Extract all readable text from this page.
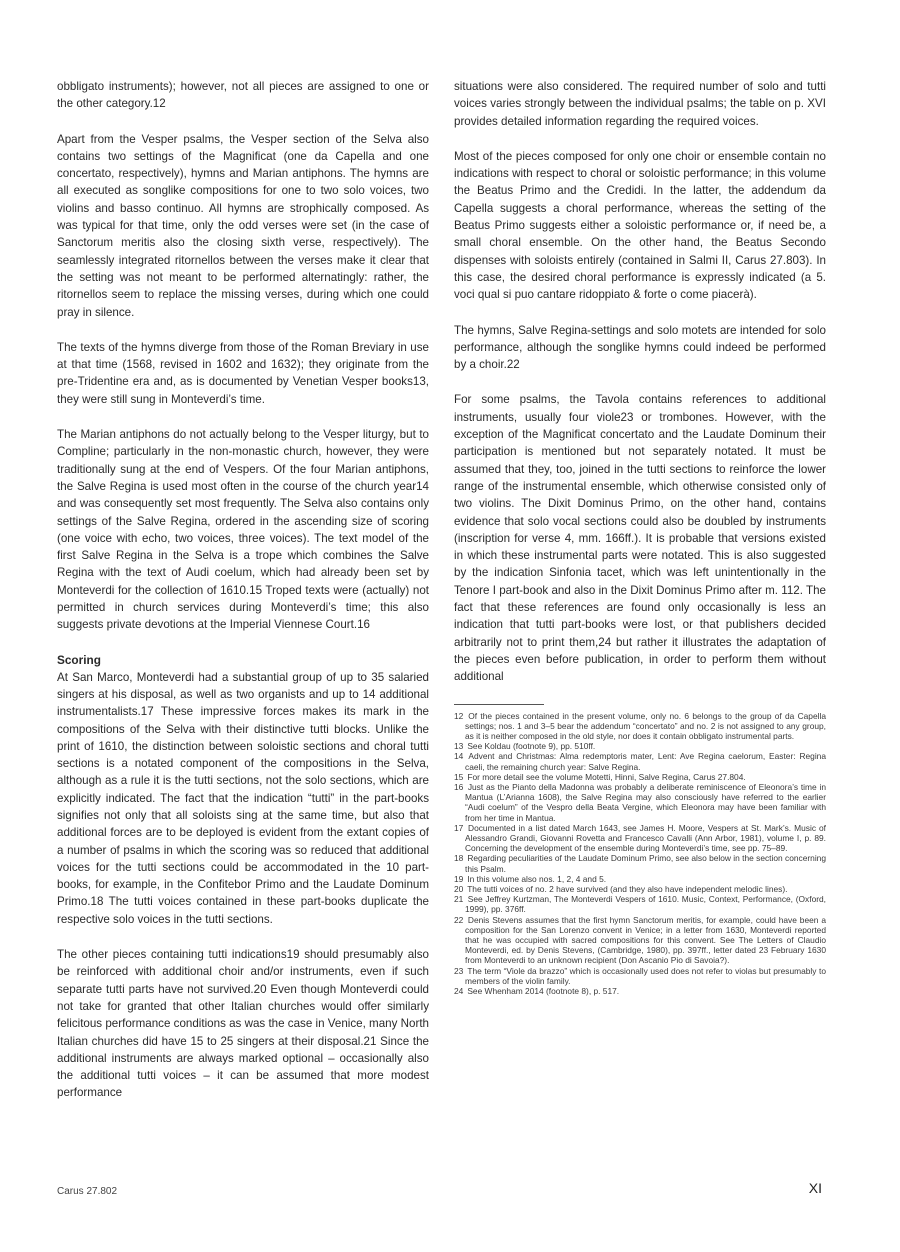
obbligato instruments); however, not all pieces are assigned to one or the other category.12

Apart from the Vesper psalms, the Vesper section of the Selva also contains two settings of the Magnificat (one da Capella and one concertato, respectively), hymns and Marian antiphons. The hymns are all executed as songlike compositions for one to two solo voices, two violins and basso continuo. All hymns are strophically composed. As was typical for that time, only the odd verses were set (in the case of Sanctorum meritis also the closing sixth verse, respectively). The seamlessly integrated ritornellos between the verses make it clear that the setting was not meant to be performed alternatingly: rather, the ritornellos seem to replace the missing verses, during which one could pray in silence.

The texts of the hymns diverge from those of the Roman Breviary in use at that time (1568, revised in 1602 and 1632); they originate from the pre-Tridentine era and, as is documented by Venetian Vesper books13, they were still sung in Monteverdi’s time.

The Marian antiphons do not actually belong to the Vesper liturgy, but to Compline; particularly in the non-monastic church, however, they were traditionally sung at the end of Vespers. Of the four Marian antiphons, the Salve Regina is used most often in the course of the church year14 and was consequently set most frequently. The Selva also contains only settings of the Salve Regina, ordered in the ascending size of scoring (one voice with echo, two voices, three voices). The text model of the first Salve Regina in the Selva is a trope which combines the Salve Regina with the text of Audi coelum, which had already been set by Monteverdi for the collection of 1610.15 Troped texts were (actually) not permitted in church services during Monteverdi’s time; this also suggests private devotions at the Imperial Viennese Court.16

Scoring

At San Marco, Monteverdi had a substantial group of up to 35 salaried singers at his disposal, as well as two organists and up to 14 additional instrumentalists.17 These impressive forces makes its mark in the compositions of the Selva with their distinctive tutti blocks. Unlike the print of 1610, the distinction between soloistic sections and choral tutti sections is a notated component of the compositions in the Selva, although as a rule it is the tutti sections, not the solo sections, which are explicitly indicated. The fact that the indication “tutti” in the part-books signifies not only that all soloists sing at the same time, but also that additional forces are to be deployed is evident from the extant copies of a number of psalms in which the scoring was so reduced that additional voices for the tutti sections could be accommodated in the 10 part-books, for example, in the Confitebor Primo and the Laudate Dominum Primo.18 The tutti voices contained in these part-books duplicate the respective solo voices in the tutti sections.

The other pieces containing tutti indications19 should presumably also be reinforced with additional choir and/or instruments, even if such separate tutti parts have not survived.20 Even though Monteverdi could not take for granted that other Italian churches would offer similarly felicitous performance conditions as was the case in Venice, many North Italian churches did have 15 to 25 singers at their disposal.21 Since the additional instruments are always marked optional – occasionally also the additional tutti voices – it can be assumed that more modest performance

situations were also considered. The required number of solo and tutti voices varies strongly between the individual psalms; the table on p. XVI provides detailed information regarding the required voices.

Most of the pieces composed for only one choir or ensemble contain no indications with respect to choral or soloistic performance; in this volume the Beatus Primo and the Credidi. In the latter, the addendum da Capella suggests a choral performance, whereas the setting of the Beatus Primo suggests either a soloistic performance or, if need be, a small choral ensemble. On the other hand, the Beatus Secondo dispenses with soloists entirely (contained in Salmi II, Carus 27.803). In this case, the desired choral performance is expressly indicated (a 5. voci qual si puo cantare ridoppiato & forte o come piacerà).

The hymns, Salve Regina-settings and solo motets are intended for solo performance, although the songlike hymns could indeed be performed by a choir.22

For some psalms, the Tavola contains references to additional instruments, usually four viole23 or trombones. However, with the exception of the Magnificat concertato and the Laudate Dominum their participation is mentioned but not separately notated. It must be assumed that they, too, joined in the tutti sections to reinforce the lower range of the instrumental ensemble, which otherwise consisted only of two violins. The Dixit Dominus Primo, on the other hand, contains evidence that solo vocal sections could also be doubled by instruments (inscription for verse 4, mm. 166ff.). It is probable that versions existed in which these instrumental parts were notated. This is also suggested by the indication Sinfonia tacet, which was left unintentionally in the Tenore I part-book and also in the Dixit Dominus Primo after m. 112. The fact that these references are found only occasionally is less an indication that tutti part-books were lost, or that publishers decided arbitrarily not to print them,24 but rather it illustrates the adaptation of the pieces even before publication, in order to perform them without additional

12 Of the pieces contained in the present volume, only no. 6 belongs to the group of da Capella settings; nos. 1 and 3–5 bear the addendum “concertato” and no. 2 is not assigned to any group, as it is neither composed in the old style, nor does it contain obbligato instrumental parts.

13 See Koldau (footnote 9), pp. 510ff.

14 Advent and Christmas: Alma redemptoris mater, Lent: Ave Regina caelorum, Easter: Regina caeli, the remaining church year: Salve Regina.

15 For more detail see the volume Motetti, Hinni, Salve Regina, Carus 27.804.

16 Just as the Pianto della Madonna was probably a deliberate reminiscence of Eleonora’s time in Mantua (L’Arianna 1608), the Salve Regina may also consciously have referred to the earlier “Audi coelum” of the Vespro della Beata Vergine, which Eleonora may have been familiar with from her time in Mantua.

17 Documented in a list dated March 1643, see James H. Moore, Vespers at St. Mark’s. Music of Alessandro Grandi, Giovanni Rovetta and Francesco Cavalli (Ann Arbor, 1981), volume I, p. 89. Concerning the development of the ensemble during Monteverdi’s time, see pp. 75–89.

18 Regarding peculiarities of the Laudate Dominum Primo, see also below in the section concerning this Psalm.

19 In this volume also nos. 1, 2, 4 and 5.

20 The tutti voices of no. 2 have survived (and they also have independent melodic lines).

21 See Jeffrey Kurtzman, The Monteverdi Vespers of 1610. Music, Context, Performance, (Oxford, 1999), pp. 376ff.

22 Denis Stevens assumes that the first hymn Sanctorum meritis, for example, could have been a composition for the San Lorenzo convent in Venice; in a letter from 1630, Monteverdi reported that he was occupied with sacred compositions for this convent. See The Letters of Claudio Monteverdi, ed. by Denis Stevens, (Cambridge, 1980), pp. 397ff., letter dated 23 February 1630 from Monteverdi to an unknown recipient (Don Ascanio Pio di Savoia?).

23 The term “Viole da brazzo” which is occasionally used does not refer to violas but presumably to members of the violin family.

24 See Whenham 2014 (footnote 8), p. 517.

Carus 27.802	XI
